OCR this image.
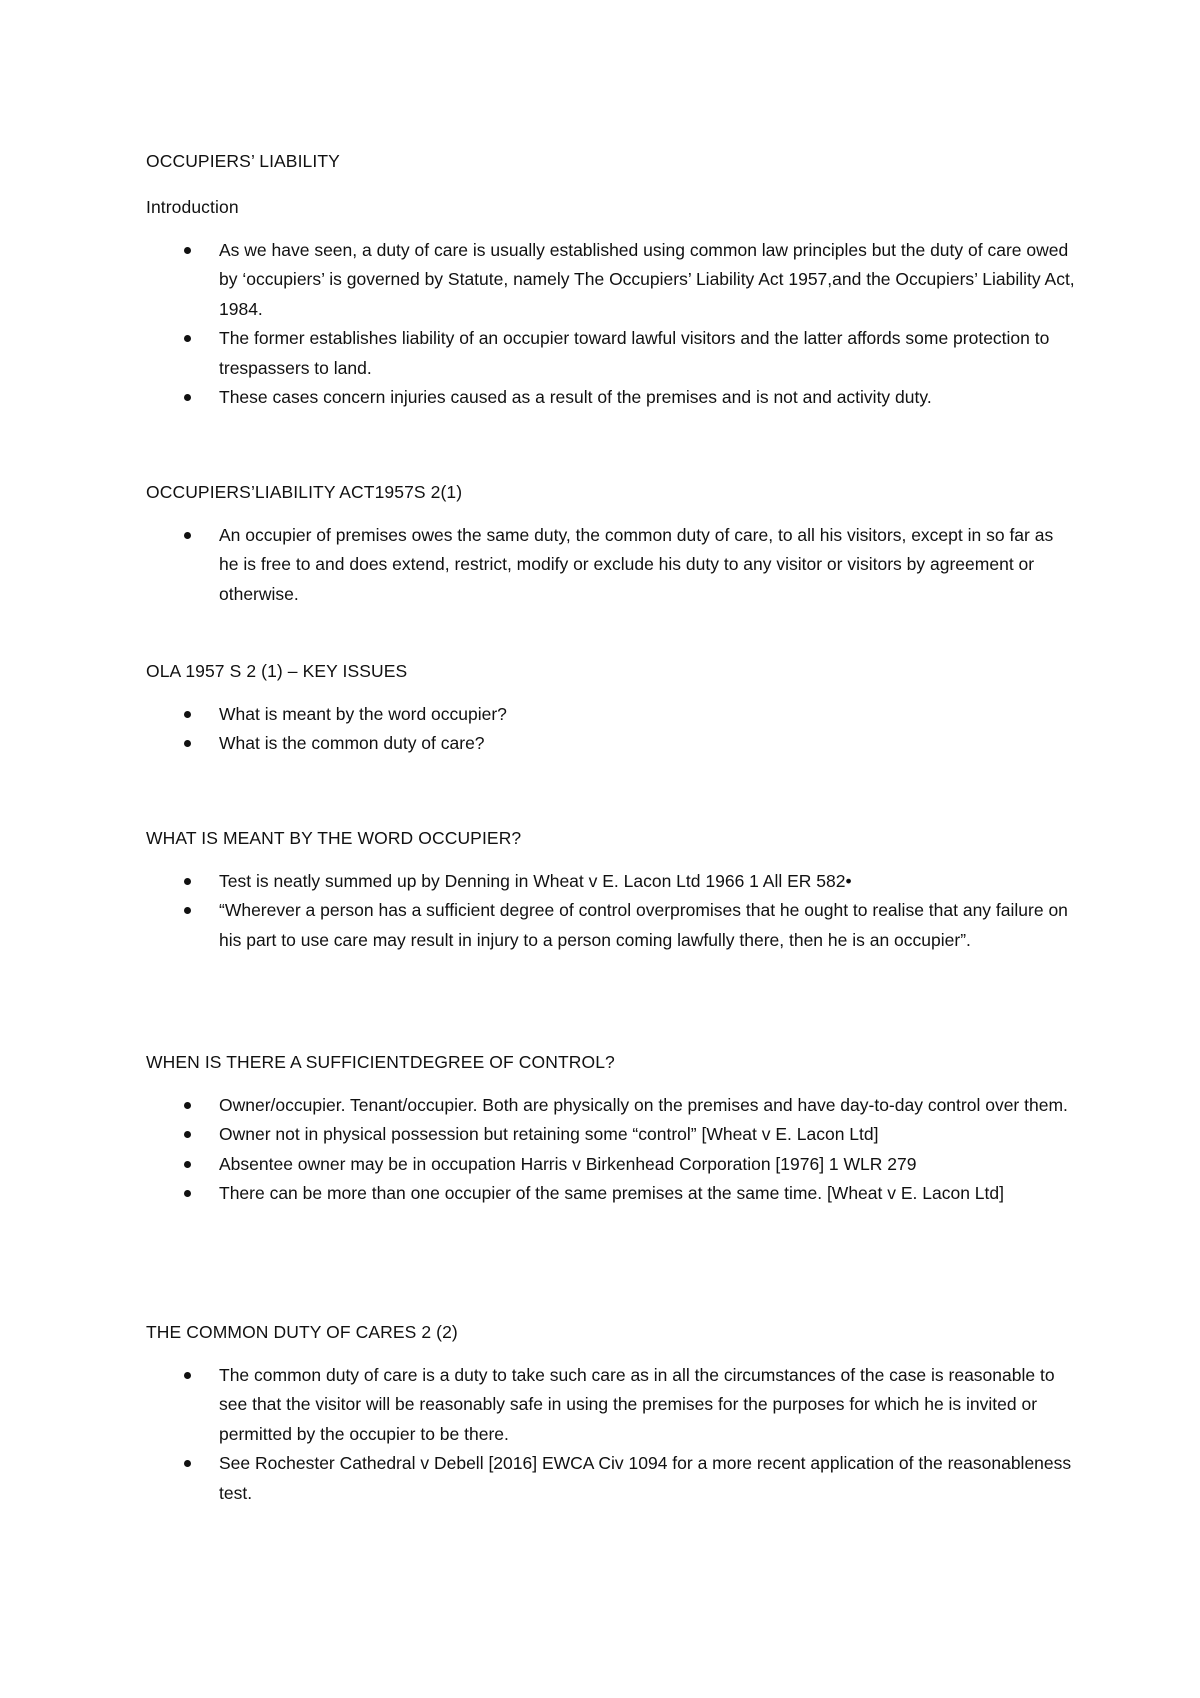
OCCUPIERS’ LIABILITY

Introduction

As we have seen, a duty of care is usually established using common law principles but the duty of care owed by ‘occupiers’ is governed by Statute, namely The Occupiers’ Liability Act 1957,and the Occupiers’ Liability Act, 1984.
The former establishes liability of an occupier toward lawful visitors and the latter affords some protection to trespassers to land.
These cases concern injuries caused as a result of the premises and is not and activity duty.

OCCUPIERS’LIABILITY ACT1957S 2(1)

An occupier of premises owes the same duty, the common duty of care, to all his visitors, except in so far as he is free to and does extend, restrict, modify or exclude his duty to any visitor or visitors by agreement or otherwise.

OLA 1957 S 2 (1) – KEY ISSUES

What is meant by the word occupier?
What is the common duty of care?

WHAT IS MEANT BY THE WORD OCCUPIER?

Test is neatly summed up by Denning in Wheat v E. Lacon Ltd 1966 1 All ER 582•
“Wherever a person has a sufficient degree of control overpromises that he ought to realise that any failure on his part to use care may result in injury to a person coming lawfully there, then he is an occupier”.

WHEN IS THERE A SUFFICIENTDEGREE OF CONTROL?

Owner/occupier. Tenant/occupier. Both are physically on the premises and have day-to-day control over them.
Owner not in physical possession but retaining some “control” [Wheat v E. Lacon Ltd]
Absentee owner may be in occupation Harris v Birkenhead Corporation [1976] 1 WLR 279
There can be more than one occupier of the same premises at the same time. [Wheat v E. Lacon Ltd]

THE COMMON DUTY OF CARES 2 (2)

The common duty of care is a duty to take such care as in all the circumstances of the case is reasonable to see that the visitor will be reasonably safe in using the premises for the purposes for which he is invited or permitted by the occupier to be there.
See Rochester Cathedral v Debell [2016] EWCA Civ 1094 for a more recent application of the reasonableness test.
